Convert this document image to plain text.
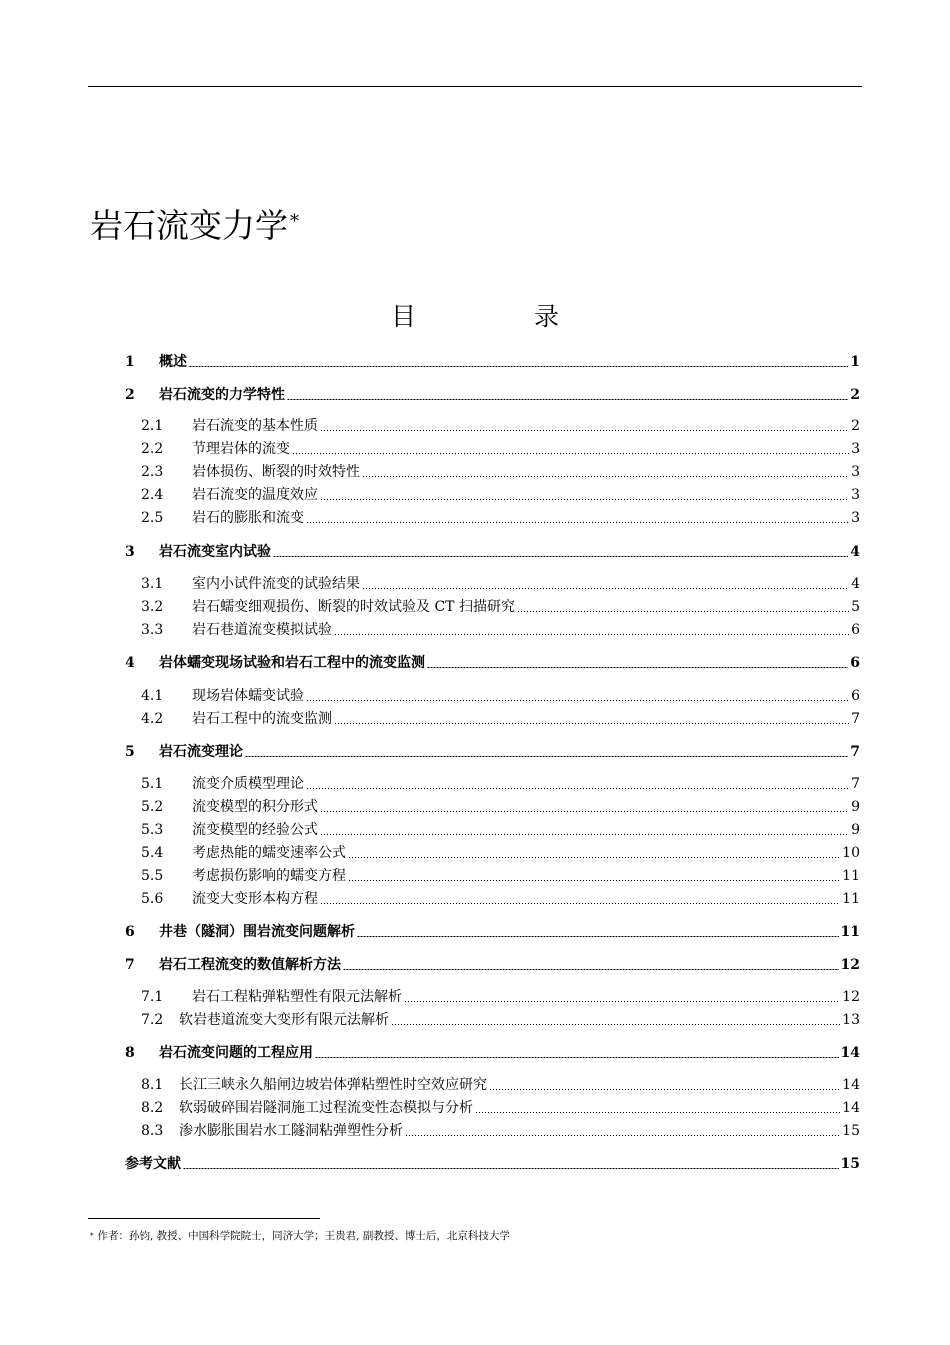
岩石流变力学 *
目	录
1	概述	1
2	岩石流变的力学特性	2
2.1	岩石流变的基本性质	2
2.2	节理岩体的流变	3
2.3	岩体损伤、断裂的时效特性	3
2.4	岩石流变的温度效应	3
2.5	岩石的膨胀和流变	3
3	岩石流变室内试验	4
3.1	室内小试件流变的试验结果	4
3.2	岩石蠕变细观损伤、断裂的时效试验及 CT 扫描研究	5
3.3	岩石巷道流变模拟试验	6
4	岩体蠕变现场试验和岩石工程中的流变监测	6
4.1	现场岩体蠕变试验	6
4.2	岩石工程中的流变监测	7
5	岩石流变理论	7
5.1	流变介质模型理论	7
5.2	流变模型的积分形式	9
5.3	流变模型的经验公式	9
5.4	考虑热能的蠕变速率公式	10
5.5	考虑损伤影响的蠕变方程	11
5.6	流变大变形本构方程	11
6	井巷（隧洞）围岩流变问题解析	11
7	岩石工程流变的数值解析方法	12
7.1	岩石工程粘弹粘塑性有限元法解析	12
7.2	软岩巷道流变大变形有限元法解析	13
8	岩石流变问题的工程应用	14
8.1	长江三峡永久船闸边坡岩体弹粘塑性时空效应研究	14
8.2	软弱破碎围岩隧洞施工过程流变性态模拟与分析	14
8.3	渗水膨胀围岩水工隧洞粘弹塑性分析	15
参考文献	15
* 作者：孙钧, 教授、中国科学院院士，同济大学；王贵君, 副教授、博士后，北京科技大学
